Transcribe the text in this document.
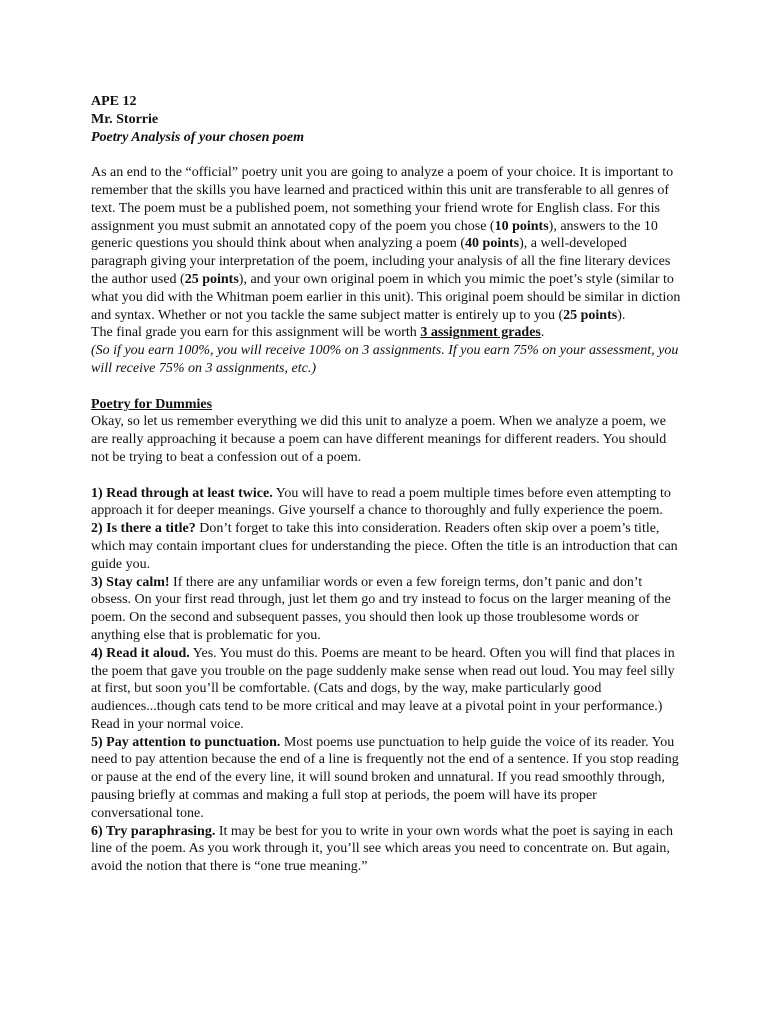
APE 12
Mr. Storrie
Poetry Analysis of your chosen poem

As an end to the “official” poetry unit you are going to analyze a poem of your choice. It is important to remember that the skills you have learned and practiced within this unit are transferable to all genres of text. The poem must be a published poem, not something your friend wrote for English class. For this assignment you must submit an annotated copy of the poem you chose (10 points), answers to the 10 generic questions you should think about when analyzing a poem (40 points), a well-developed paragraph giving your interpretation of the poem, including your analysis of all the fine literary devices the author used (25 points), and your own original poem in which you mimic the poet’s style (similar to what you did with the Whitman poem earlier in this unit). This original poem should be similar in diction and syntax. Whether or not you tackle the same subject matter is entirely up to you (25 points).

The final grade you earn for this assignment will be worth 3 assignment grades.

(So if you earn 100%, you will receive 100% on 3 assignments. If you earn 75% on your assessment, you will receive 75% on 3 assignments, etc.)

Poetry for Dummies

Okay, so let us remember everything we did this unit to analyze a poem. When we analyze a poem, we are really approaching it because a poem can have different meanings for different readers. You should not be trying to beat a confession out of a poem.

1) Read through at least twice. You will have to read a poem multiple times before even attempting to approach it for deeper meanings. Give yourself a chance to thoroughly and fully experience the poem.

2) Is there a title? Don’t forget to take this into consideration. Readers often skip over a poem’s title, which may contain important clues for understanding the piece. Often the title is an introduction that can guide you.

3) Stay calm! If there are any unfamiliar words or even a few foreign terms, don’t panic and don’t obsess. On your first read through, just let them go and try instead to focus on the larger meaning of the poem. On the second and subsequent passes, you should then look up those troublesome words or anything else that is problematic for you.

4) Read it aloud. Yes. You must do this. Poems are meant to be heard. Often you will find that places in the poem that gave you trouble on the page suddenly make sense when read out loud. You may feel silly at first, but soon you’ll be comfortable. (Cats and dogs, by the way, make particularly good audiences...though cats tend to be more critical and may leave at a pivotal point in your performance.) Read in your normal voice.

5) Pay attention to punctuation. Most poems use punctuation to help guide the voice of its reader. You need to pay attention because the end of a line is frequently not the end of a sentence. If you stop reading or pause at the end of the every line, it will sound broken and unnatural. If you read smoothly through, pausing briefly at commas and making a full stop at periods, the poem will have its proper conversational tone.

6) Try paraphrasing. It may be best for you to write in your own words what the poet is saying in each line of the poem. As you work through it, you’ll see which areas you need to concentrate on. But again, avoid the notion that there is “one true meaning.”
